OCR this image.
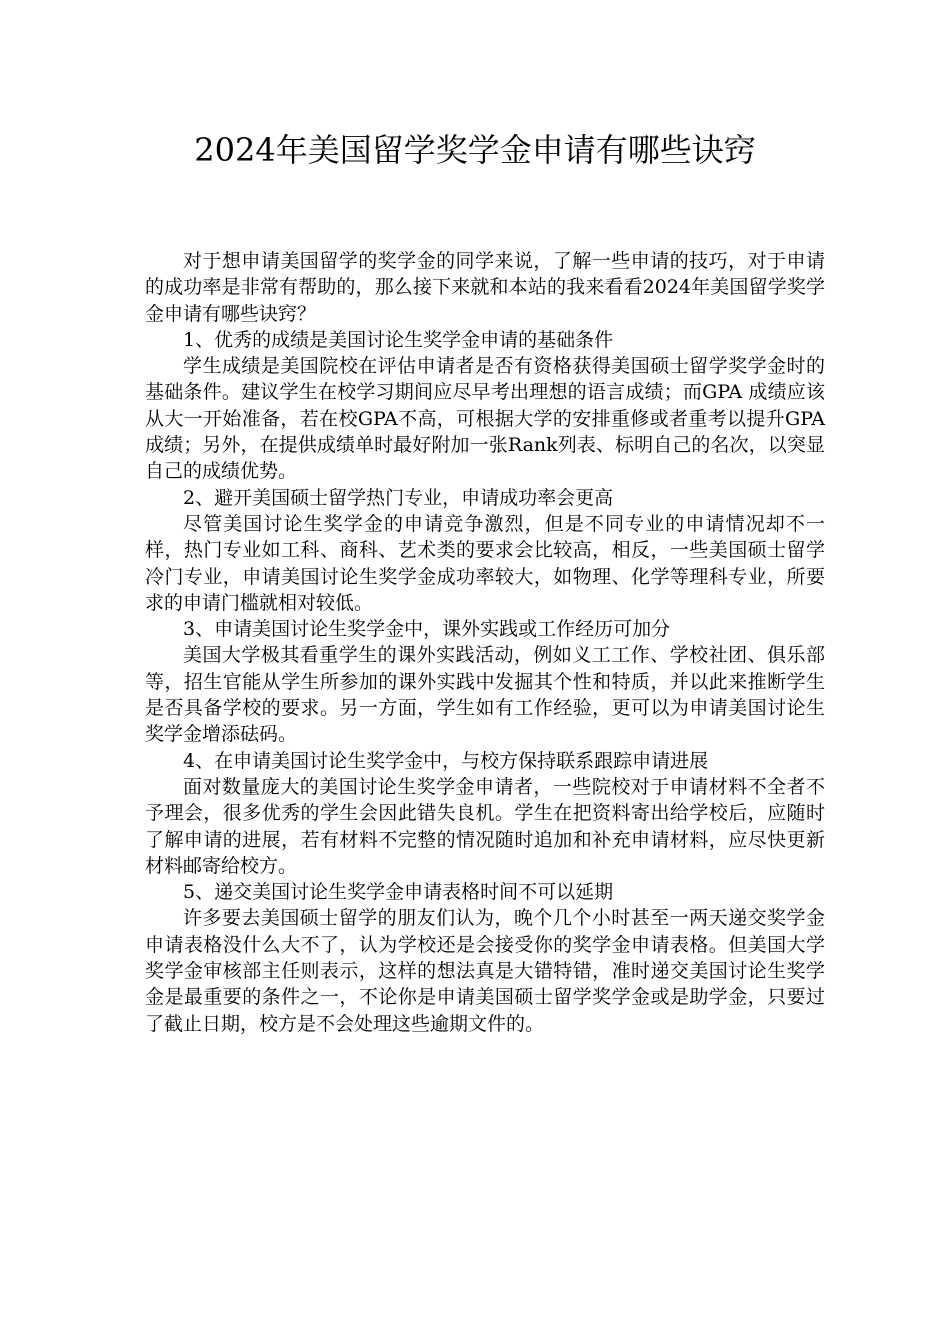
2024年美国留学奖学金申请有哪些诀窍

对于想申请美国留学的奖学金的同学来说，了解一些申请的技巧，对于申请的成功率是非常有帮助的，那么接下来就和本站的我来看看2024年美国留学奖学金申请有哪些诀窍？

1、优秀的成绩是美国讨论生奖学金申请的基础条件

学生成绩是美国院校在评估申请者是否有资格获得美国硕士留学奖学金时的基础条件。建议学生在校学习期间应尽早考出理想的语言成绩；而GPA 成绩应该从大一开始准备，若在校GPA不高，可根据大学的安排重修或者重考以提升GPA成绩；另外，在提供成绩单时最好附加一张Rank列表、标明自己的名次，以突显自己的成绩优势。

2、避开美国硕士留学热门专业，申请成功率会更高

尽管美国讨论生奖学金的申请竞争激烈，但是不同专业的申请情况却不一样，热门专业如工科、商科、艺术类的要求会比较高，相反，一些美国硕士留学冷门专业，申请美国讨论生奖学金成功率较大，如物理、化学等理科专业，所要求的申请门槛就相对较低。

3、申请美国讨论生奖学金中，课外实践或工作经历可加分

美国大学极其看重学生的课外实践活动，例如义工工作、学校社团、俱乐部等，招生官能从学生所参加的课外实践中发掘其个性和特质，并以此来推断学生是否具备学校的要求。另一方面，学生如有工作经验，更可以为申请美国讨论生奖学金增添砝码。

4、在申请美国讨论生奖学金中，与校方保持联系跟踪申请进展

面对数量庞大的美国讨论生奖学金申请者，一些院校对于申请材料不全者不予理会，很多优秀的学生会因此错失良机。学生在把资料寄出给学校后，应随时了解申请的进展，若有材料不完整的情况随时追加和补充申请材料，应尽快更新材料邮寄给校方。

5、递交美国讨论生奖学金申请表格时间不可以延期

许多要去美国硕士留学的朋友们认为，晚个几个小时甚至一两天递交奖学金申请表格没什么大不了，认为学校还是会接受你的奖学金申请表格。但美国大学奖学金审核部主任则表示，这样的想法真是大错特错，准时递交美国讨论生奖学金是最重要的条件之一，不论你是申请美国硕士留学奖学金或是助学金，只要过了截止日期，校方是不会处理这些逾期文件的。
